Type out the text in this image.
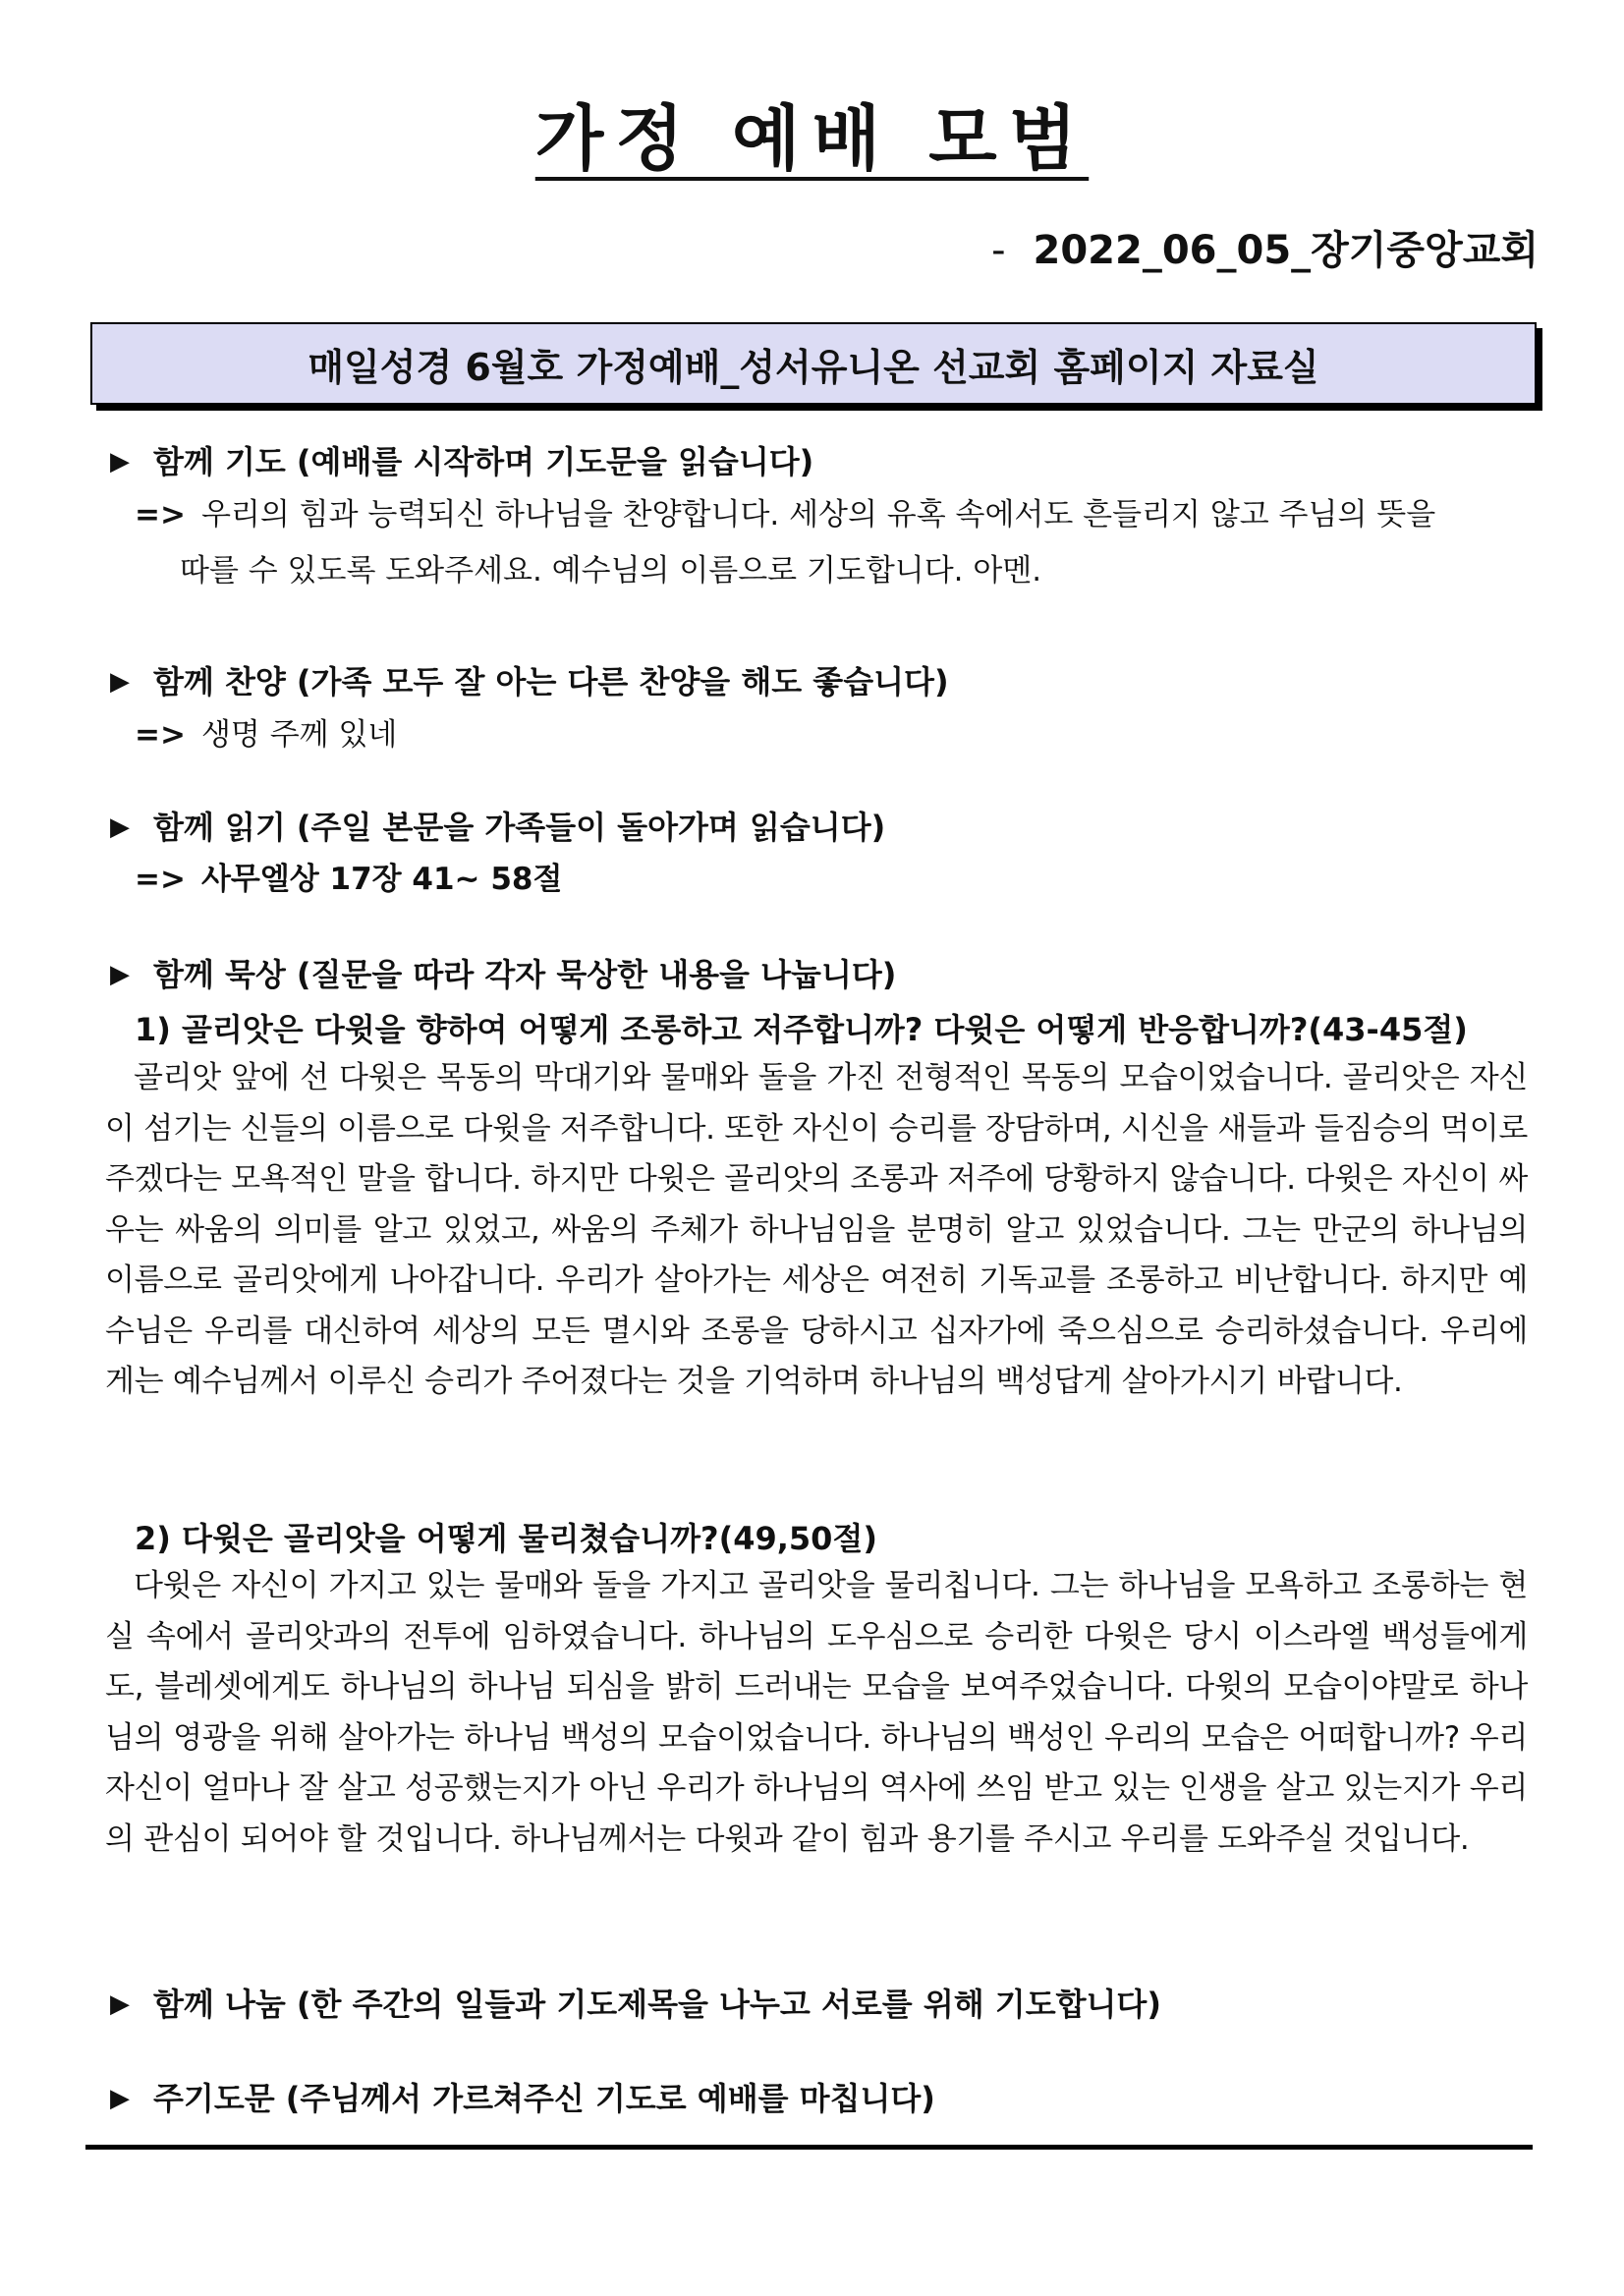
가정 예배 모범
- 2022_06_05_장기중앙교회
매일성경 6월호 가정예배_성서유니온 선교회 홈페이지 자료실
▶ 함께 기도 (예배를 시작하며 기도문을 읽습니다)
=> 우리의 힘과 능력되신 하나님을 찬양합니다. 세상의 유혹 속에서도 흔들리지 않고 주님의 뜻을
따를 수 있도록 도와주세요. 예수님의 이름으로 기도합니다. 아멘.
▶ 함께 찬양 (가족 모두 잘 아는 다른 찬양을 해도 좋습니다)
=> 생명 주께 있네
▶ 함께 읽기 (주일 본문을 가족들이 돌아가며 읽습니다)
=> 사무엘상 17장 41~ 58절
▶ 함께 묵상 (질문을 따라 각자 묵상한 내용을 나눕니다)
1) 골리앗은 다윗을 향하여 어떻게 조롱하고 저주합니까? 다윗은 어떻게 반응합니까?(43-45절)
골리앗 앞에 선 다윗은 목동의 막대기와 물매와 돌을 가진 전형적인 목동의 모습이었습니다. 골리앗은 자신이 섬기는 신들의 이름으로 다윗을 저주합니다. 또한 자신이 승리를 장담하며, 시신을 새들과 들짐승의 먹이로 주겠다는 모욕적인 말을 합니다. 하지만 다윗은 골리앗의 조롱과 저주에 당황하지 않습니다. 다윗은 자신이 싸우는 싸움의 의미를 알고 있었고, 싸움의 주체가 하나님임을 분명히 알고 있었습니다. 그는 만군의 하나님의 이름으로 골리앗에게 나아갑니다. 우리가 살아가는 세상은 여전히 기독교를 조롱하고 비난합니다. 하지만 예수님은 우리를 대신하여 세상의 모든 멸시와 조롱을 당하시고 십자가에 죽으심으로 승리하셨습니다. 우리에게는 예수님께서 이루신 승리가 주어졌다는 것을 기억하며 하나님의 백성답게 살아가시기 바랍니다.
2) 다윗은 골리앗을 어떻게 물리쳤습니까?(49,50절)
다윗은 자신이 가지고 있는 물매와 돌을 가지고 골리앗을 물리칩니다. 그는 하나님을 모욕하고 조롱하는 현실 속에서 골리앗과의 전투에 임하였습니다. 하나님의 도우심으로 승리한 다윗은 당시 이스라엘 백성들에게도, 블레셋에게도 하나님의 하나님 되심을 밝히 드러내는 모습을 보여주었습니다. 다윗의 모습이야말로 하나님의 영광을 위해 살아가는 하나님 백성의 모습이었습니다. 하나님의 백성인 우리의 모습은 어떠합니까? 우리 자신이 얼마나 잘 살고 성공했는지가 아닌 우리가 하나님의 역사에 쓰임 받고 있는 인생을 살고 있는지가 우리의 관심이 되어야 할 것입니다. 하나님께서는 다윗과 같이 힘과 용기를 주시고 우리를 도와주실 것입니다.
▶ 함께 나눔 (한 주간의 일들과 기도제목을 나누고 서로를 위해 기도합니다)
▶ 주기도문 (주님께서 가르쳐주신 기도로 예배를 마칩니다)
